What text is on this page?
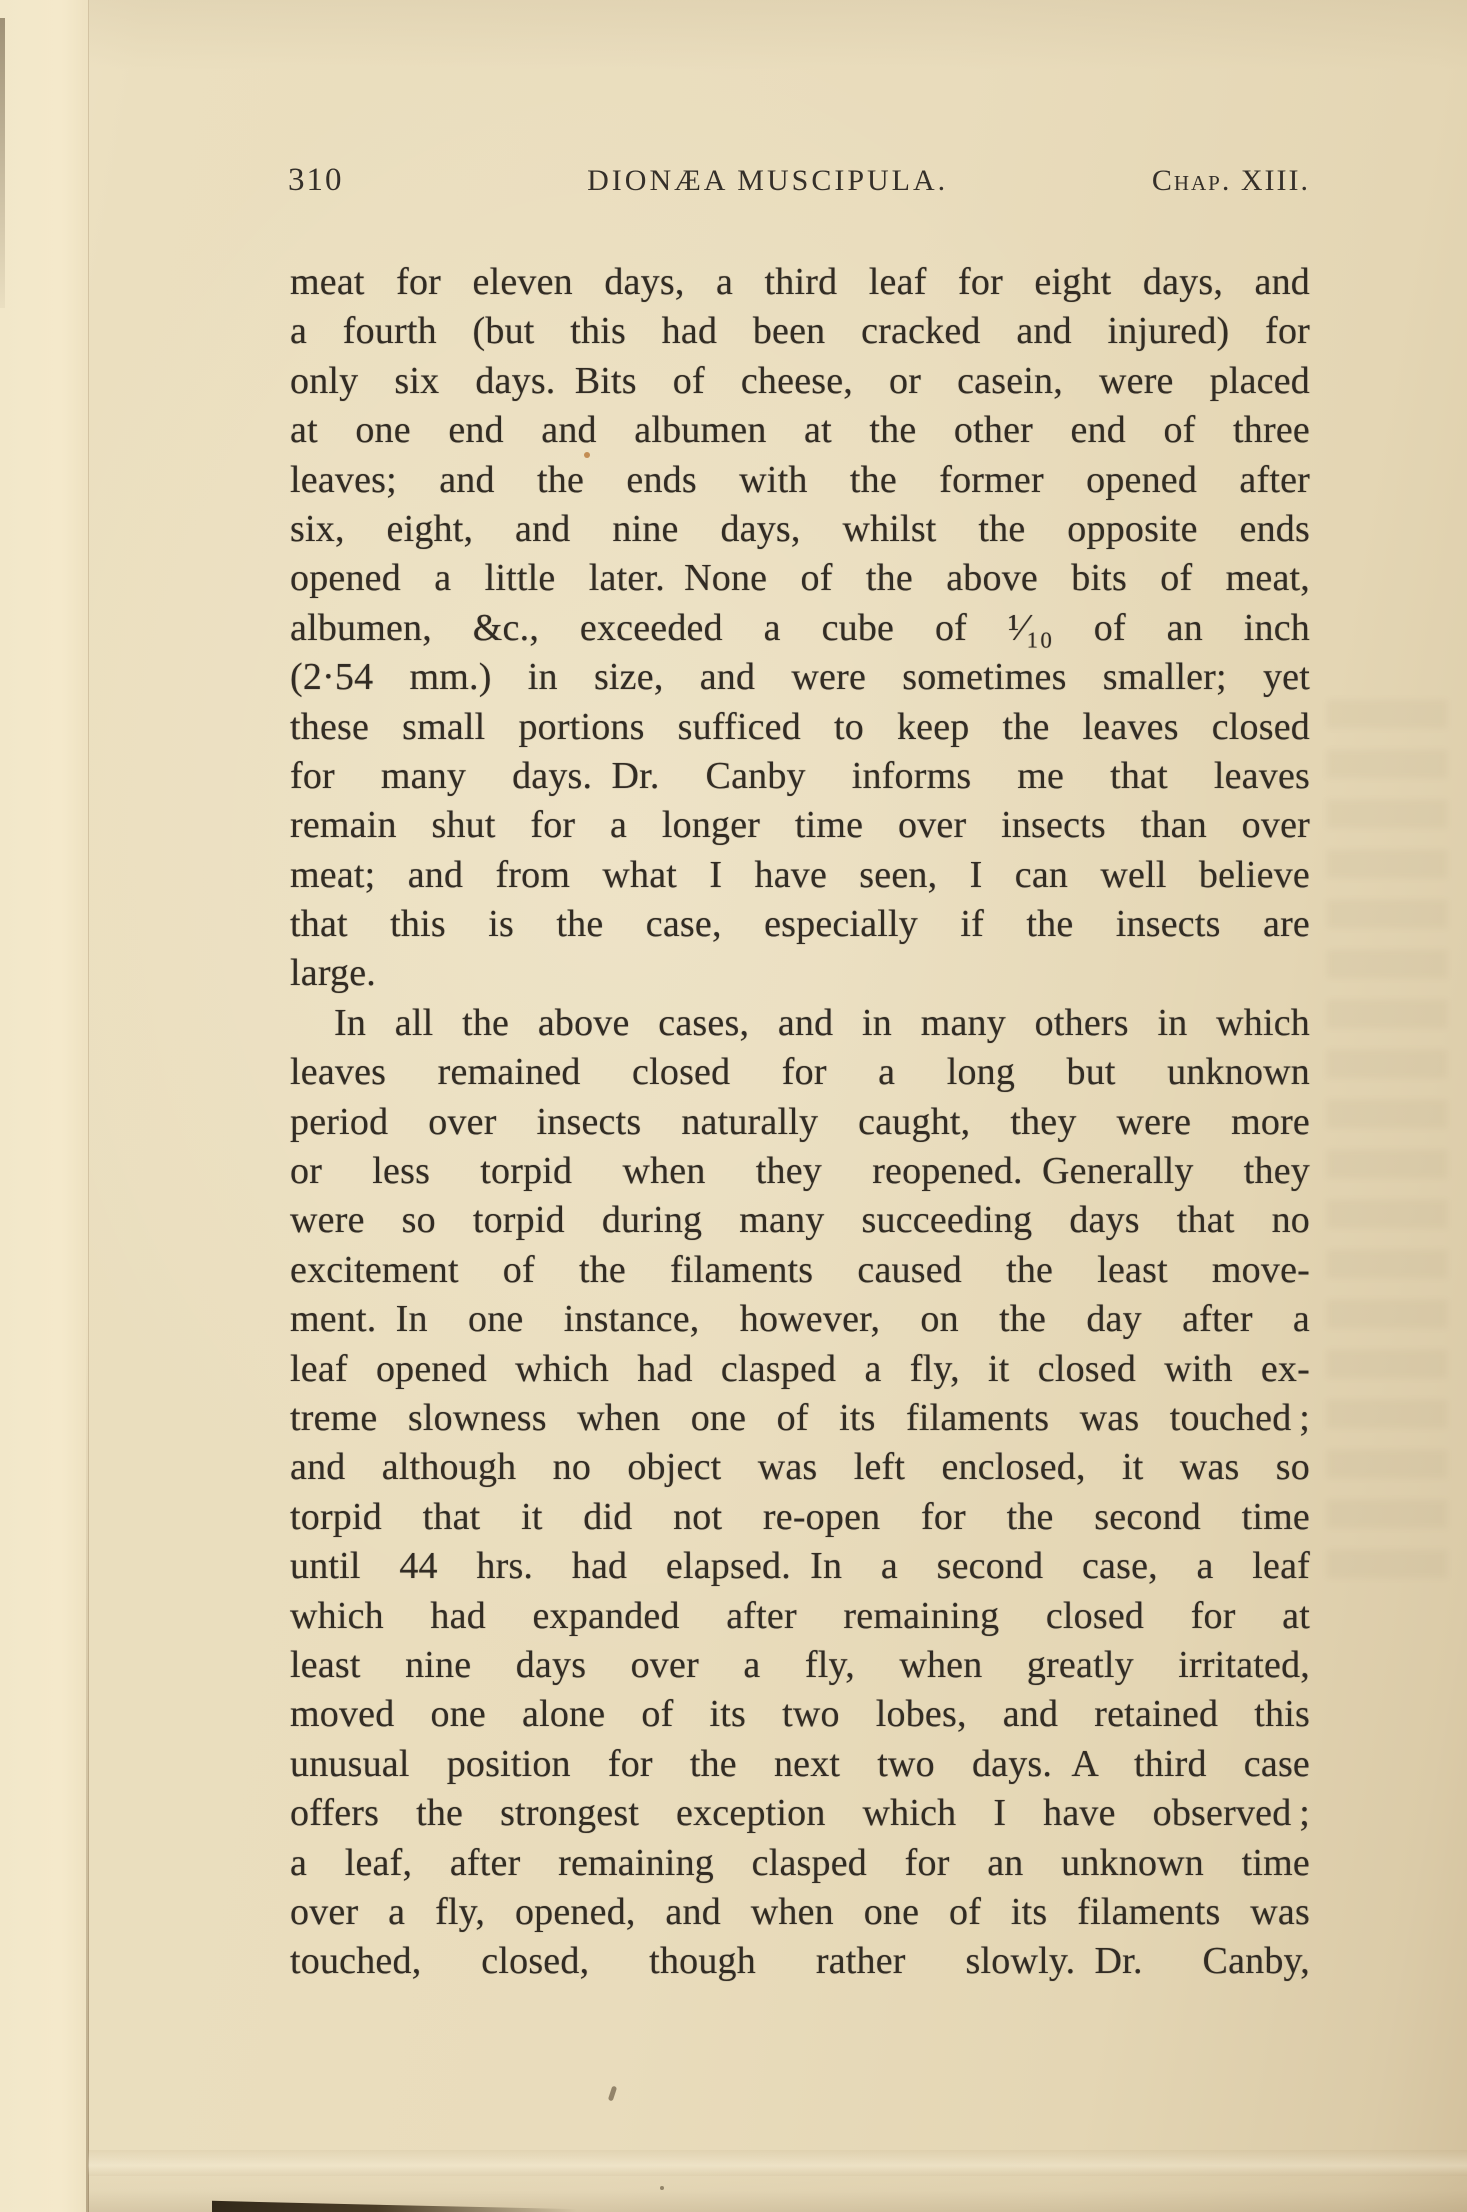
310	DIONÆA MUSCIPULA.	Chap. XIII.
meat for eleven days, a third leaf for eight days, and
a fourth (but this had been cracked and injured) for
only six days. Bits of cheese, or casein, were placed
at one end and albumen at the other end of three
leaves; and the ends with the former opened after
six, eight, and nine days, whilst the opposite ends
opened a little later. None of the above bits of meat,
albumen, &c., exceeded a cube of ¹⁄₁₀ of an inch
(2·54 mm.) in size, and were sometimes smaller; yet
these small portions sufficed to keep the leaves closed
for many days. Dr. Canby informs me that leaves
remain shut for a longer time over insects than over
meat; and from what I have seen, I can well believe
that this is the case, especially if the insects are
large.
In all the above cases, and in many others in which
leaves remained closed for a long but unknown
period over insects naturally caught, they were more
or less torpid when they reopened. Generally they
were so torpid during many succeeding days that no
excitement of the filaments caused the least move-
ment. In one instance, however, on the day after a
leaf opened which had clasped a fly, it closed with ex-
treme slowness when one of its filaments was touched ;
and although no object was left enclosed, it was so
torpid that it did not re-open for the second time
until 44 hrs. had elapsed. In a second case, a leaf
which had expanded after remaining closed for at
least nine days over a fly, when greatly irritated,
moved one alone of its two lobes, and retained this
unusual position for the next two days. A third case
offers the strongest exception which I have observed ;
a leaf, after remaining clasped for an unknown time
over a fly, opened, and when one of its filaments was
touched, closed, though rather slowly. Dr. Canby,
